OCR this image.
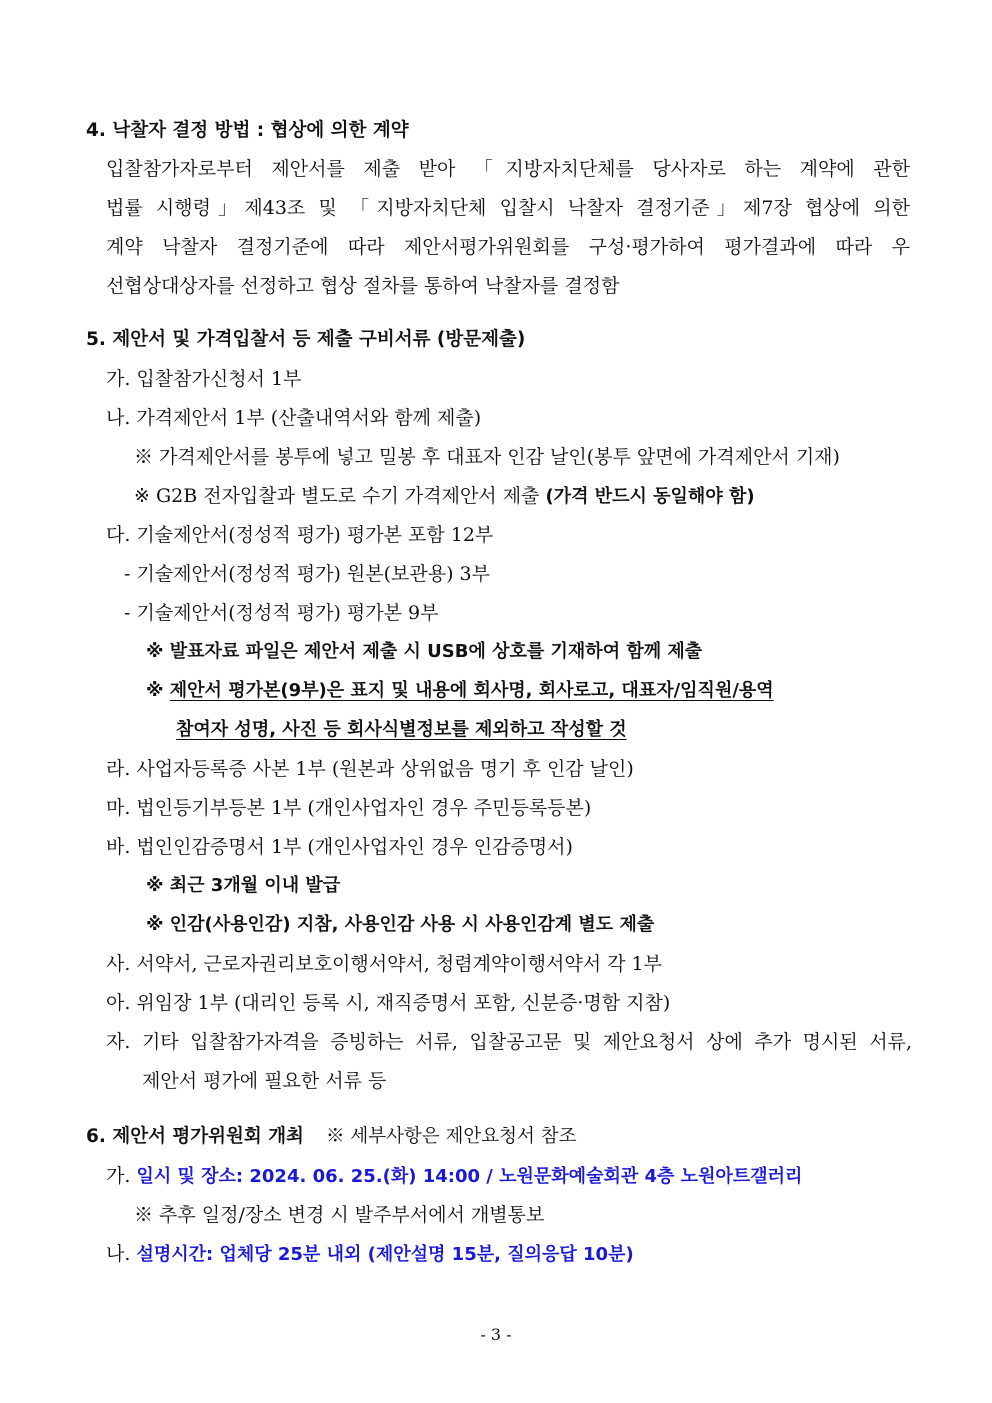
4. 낙찰자 결정 방법 : 협상에 의한 계약
입찰참가자로부터 제안서를 제출 받아 「지방자치단체를 당사자로 하는 계약에 관한
법률 시행령」제43조 및 「지방자치단체 입찰시 낙찰자 결정기준」제7장 협상에 의한
계약 낙찰자 결정기준에 따라 제안서평가위원회를 구성·평가하여 평가결과에 따라 우
선협상대상자를 선정하고 협상 절차를 통하여 낙찰자를 결정함
5. 제안서 및 가격입찰서 등 제출 구비서류 (방문제출)
가. 입찰참가신청서 1부
나. 가격제안서 1부 (산출내역서와 함께 제출)
※ 가격제안서를 봉투에 넣고 밀봉 후 대표자 인감 날인(봉투 앞면에 가격제안서 기재)
※ G2B 전자입찰과 별도로 수기 가격제안서 제출 (가격 반드시 동일해야 함)
다. 기술제안서(정성적 평가) 평가본 포함 12부
- 기술제안서(정성적 평가) 원본(보관용) 3부
- 기술제안서(정성적 평가) 평가본 9부
※ 발표자료 파일은 제안서 제출 시 USB에 상호를 기재하여 함께 제출
※ 제안서 평가본(9부)은 표지 및 내용에 회사명, 회사로고, 대표자/임직원/용역
참여자 성명, 사진 등 회사식별정보를 제외하고 작성할 것
라. 사업자등록증 사본 1부 (원본과 상위없음 명기 후 인감 날인)
마. 법인등기부등본 1부 (개인사업자인 경우 주민등록등본)
바. 법인인감증명서 1부 (개인사업자인 경우 인감증명서)
※ 최근 3개월 이내 발급
※ 인감(사용인감) 지참, 사용인감 사용 시 사용인감계 별도 제출
사. 서약서, 근로자권리보호이행서약서, 청렴계약이행서약서 각 1부
아. 위임장 1부 (대리인 등록 시, 재직증명서 포함, 신분증·명함 지참)
자. 기타 입찰참가자격을 증빙하는 서류, 입찰공고문 및 제안요청서 상에 추가 명시된 서류,
제안서 평가에 필요한 서류 등
6. 제안서 평가위원회 개최 ※ 세부사항은 제안요청서 참조
가. 일시 및 장소: 2024. 06. 25.(화) 14:00 / 노원문화예술회관 4층 노원아트갤러리
※ 추후 일정/장소 변경 시 발주부서에서 개별통보
나. 설명시간: 업체당 25분 내외 (제안설명 15분, 질의응답 10분)
- 3 -
